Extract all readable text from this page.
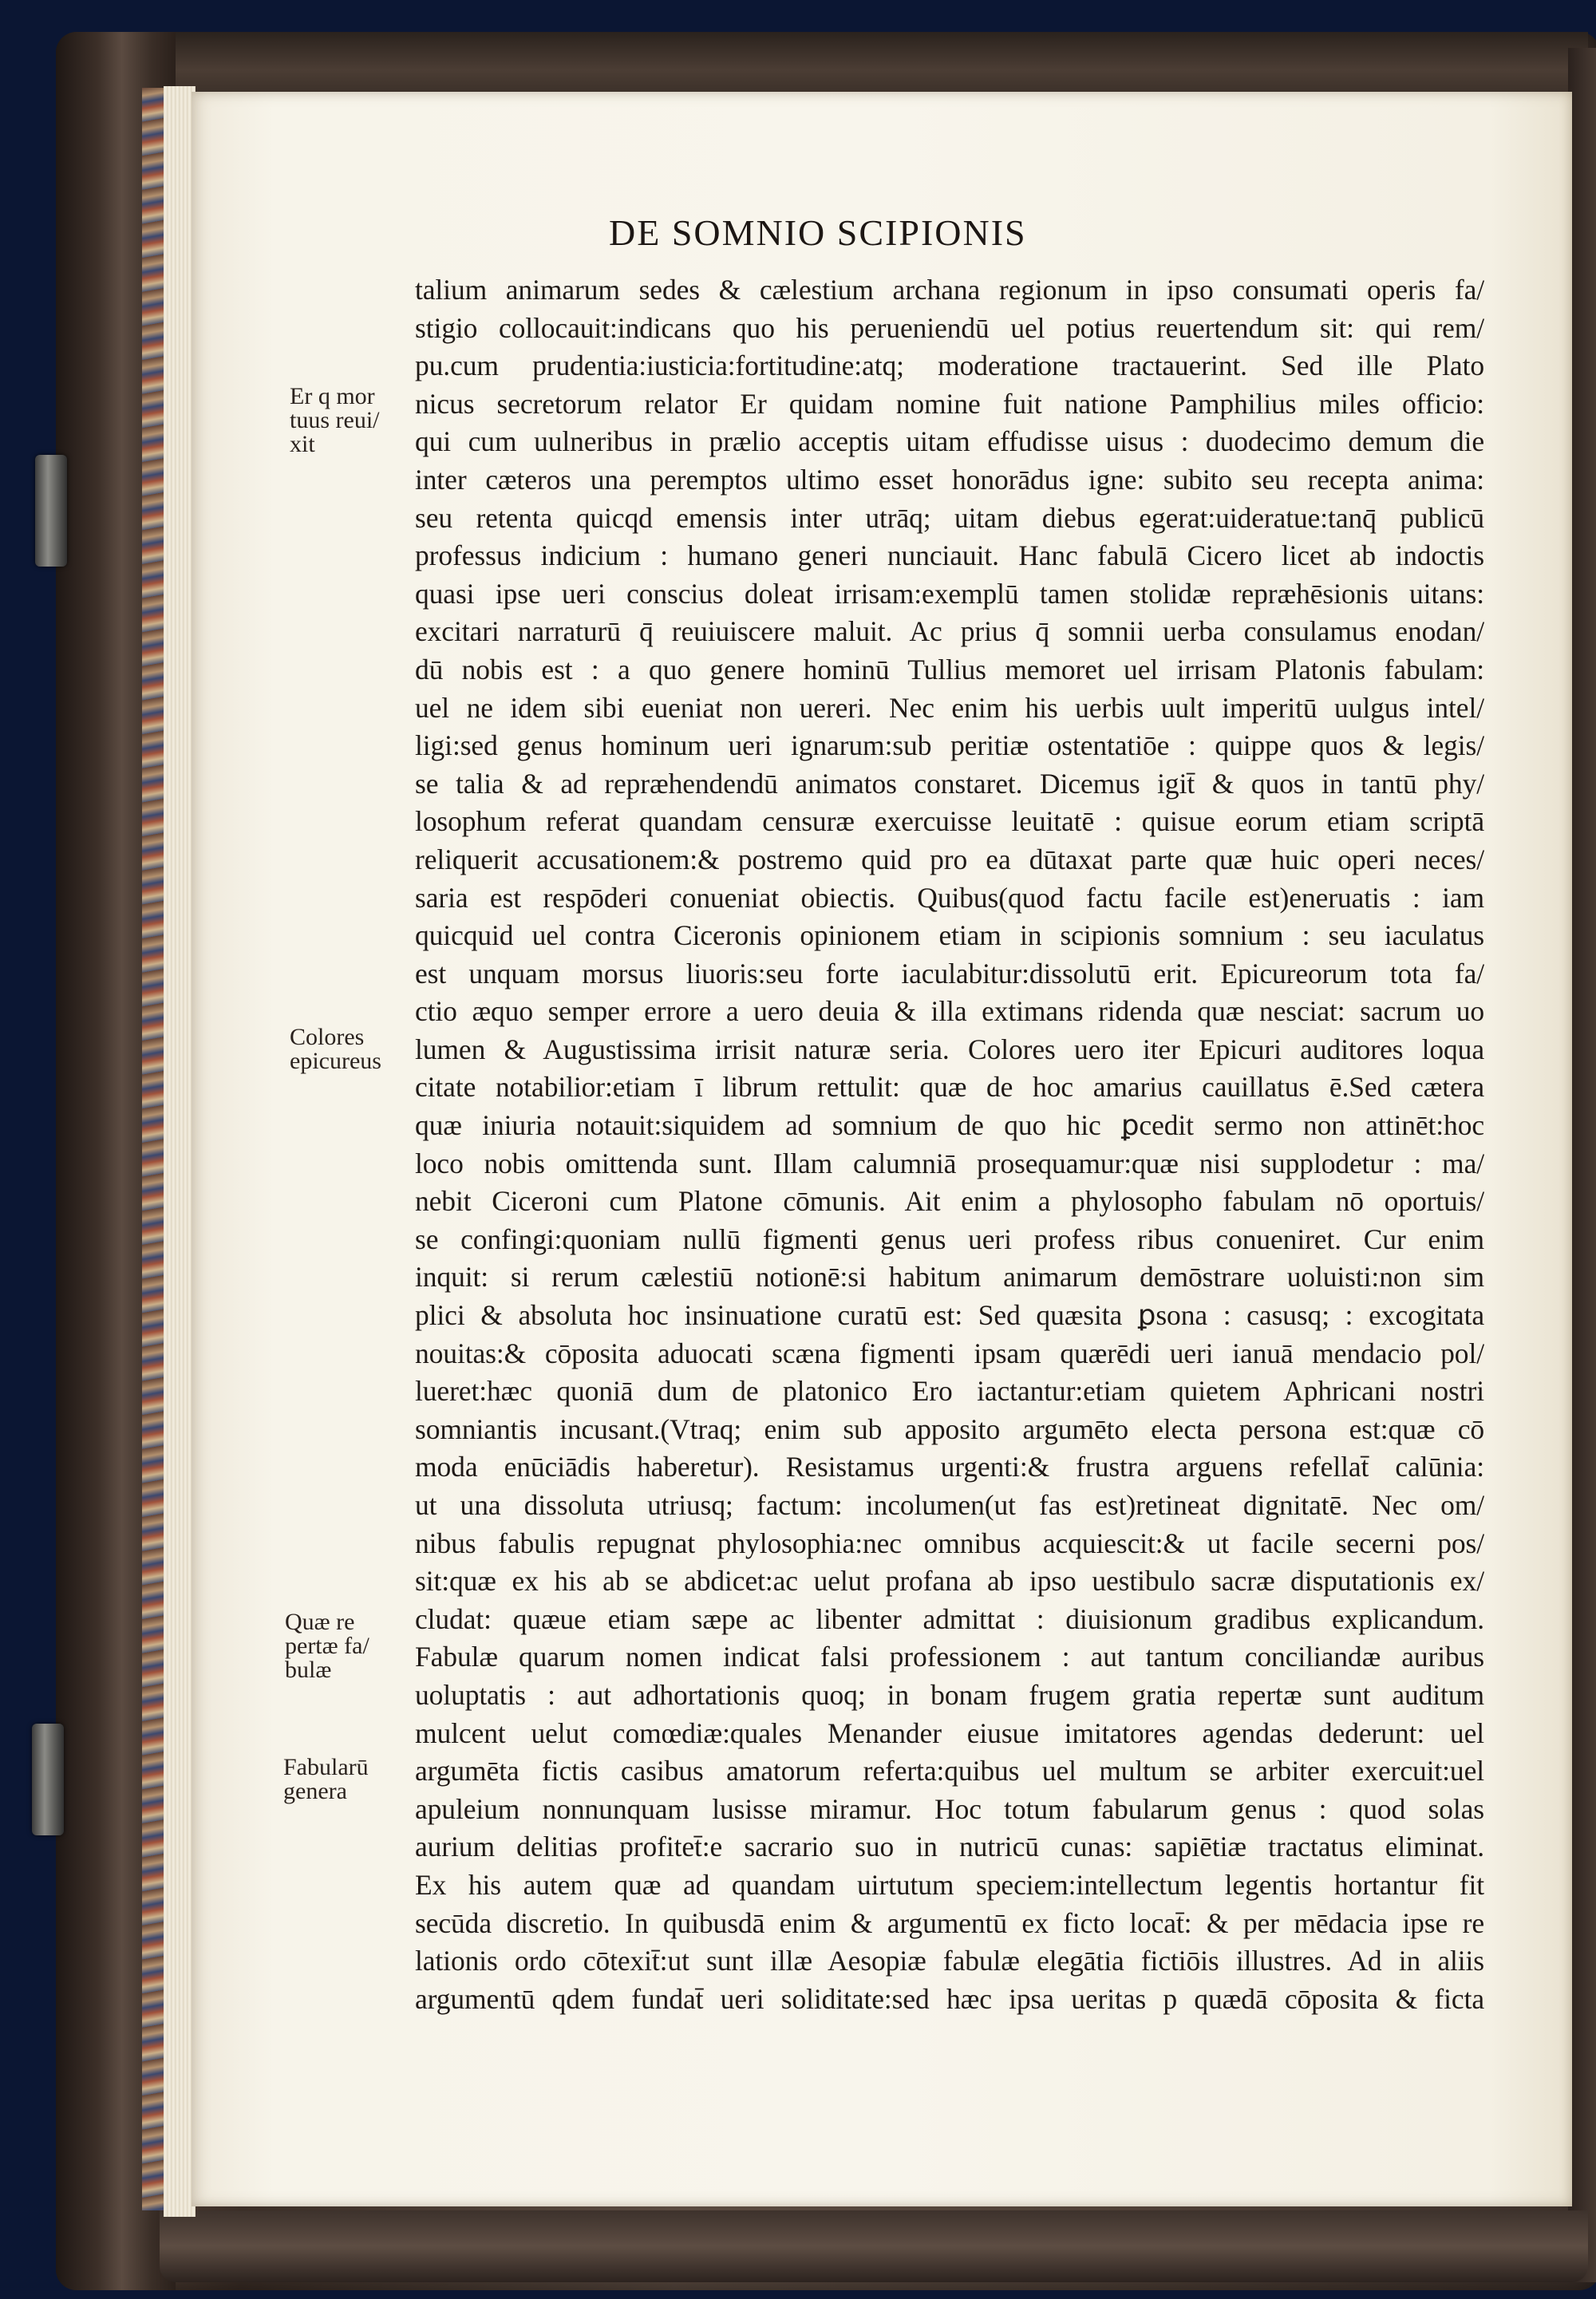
DE SOMNIO SCIPIONIS
Er q mor
tuus reui/
xit
Colores
epicureus
Quæ re
pertæ fa/
bulæ
Fabularū
genera
talium animarum sedes & cælestium archana regionum in ipso consumati operis fa/
stigio collocauit:indicans quo his perueniendū uel potius reuertendum sit: qui rem/
pu.cum prudentia:iusticia:fortitudine:atq; moderatione tractauerint. Sed ille Plato
nicus secretorum relator Er quidam nomine fuit natione Pamphilius miles officio:
qui cum uulneribus in prælio acceptis uitam effudisse uisus : duodecimo demum die
inter cæteros una peremptos ultimo esset honorādus igne: subito seu recepta anima:
seu retenta quicqd emensis inter utrāq; uitam diebus egerat:uideratue:tanq̄ publicū
professus indicium : humano generi nunciauit. Hanc fabulā Cicero licet ab indoctis
quasi ipse ueri conscius doleat irrisam:exemplū tamen stolidæ repræhēsionis uitans:
excitari narraturū q̄ reuiuiscere maluit. Ac prius q̄ somnii uerba consulamus enodan/
dū nobis est : a quo genere hominū Tullius memoret uel irrisam Platonis fabulam:
uel ne idem sibi eueniat non uereri. Nec enim his uerbis uult imperitū uulgus intel/
ligi:sed genus hominum ueri ignarum:sub peritiæ ostentatiōe : quippe quos & legis/
se talia & ad repræhendendū animatos constaret. Dicemus igit̄ & quos in tantū phy/
losophum referat quandam censuræ exercuisse leuitatē : quisue eorum etiam scriptā
reliquerit accusationem:& postremo quid pro ea dūtaxat parte quæ huic operi neces/
saria est respōderi conueniat obiectis. Quibus(quod factu facile est)eneruatis : iam
quicquid uel contra Ciceronis opinionem etiam in scipionis somnium : seu iaculatus
est unquam morsus liuoris:seu forte iaculabitur:dissolutū erit. Epicureorum tota fa/
ctio æquo semper errore a uero deuia & illa extimans ridenda quæ nesciat: sacrum uo
lumen & Augustissima irrisit naturæ seria. Colores uero iter Epicuri auditores loqua
citate notabilior:etiam ī librum rettulit: quæ de hoc amarius cauillatus ē.Sed cætera
quæ iniuria notauit:siquidem ad somnium de quo hic ꝑcedit sermo non attinēt:hoc
loco nobis omittenda sunt. Illam calumniā prosequamur:quæ nisi supplodetur : ma/
nebit Ciceroni cum Platone cōmunis. Ait enim a phylosopho fabulam nō oportuis/
se confingi:quoniam nullū figmenti genus ueri profess ribus conueniret. Cur enim
inquit: si rerum cælestiū notionē:si habitum animarum demōstrare uoluisti:non sim
plici & absoluta hoc insinuatione curatū est: Sed quæsita ꝑsona : casusq; : excogitata
nouitas:& cōposita aduocati scæna figmenti ipsam quærēdi ueri ianuā mendacio pol/
lueret:hæc quoniā dum de platonico Ero iactantur:etiam quietem Aphricani nostri
somniantis incusant.(Vtraq; enim sub apposito argumēto electa persona est:quæ cō
moda enūciādis haberetur). Resistamus urgenti:& frustra arguens refellat̄ calūnia:
ut una dissoluta utriusq; factum: incolumen(ut fas est)retineat dignitatē. Nec om/
nibus fabulis repugnat phylosophia:nec omnibus acquiescit:& ut facile secerni pos/
sit:quæ ex his ab se abdicet:ac uelut profana ab ipso uestibulo sacræ disputationis ex/
cludat: quæue etiam sæpe ac libenter admittat : diuisionum gradibus explicandum.
Fabulæ quarum nomen indicat falsi professionem : aut tantum conciliandæ auribus
uoluptatis : aut adhortationis quoq; in bonam frugem gratia repertæ sunt auditum
mulcent uelut comœdiæ:quales Menander eiusue imitatores agendas dederunt: uel
argumēta fictis casibus amatorum referta:quibus uel multum se arbiter exercuit:uel
apuleium nonnunquam lusisse miramur. Hoc totum fabularum genus : quod solas
aurium delitias profitet̄:e sacrario suo in nutricū cunas: sapiētiæ tractatus eliminat.
Ex his autem quæ ad quandam uirtutum speciem:intellectum legentis hortantur fit
secūda discretio. In quibusdā enim & argumentū ex ficto locat̄: & per mēdacia ipse re
lationis ordo cōtexit̄:ut sunt illæ Aesopiæ fabulæ elegātia fictiōis illustres. Ad in aliis
argumentū qdem fundat̄ ueri soliditate:sed hæc ipsa ueritas p quædā cōposita & ficta
